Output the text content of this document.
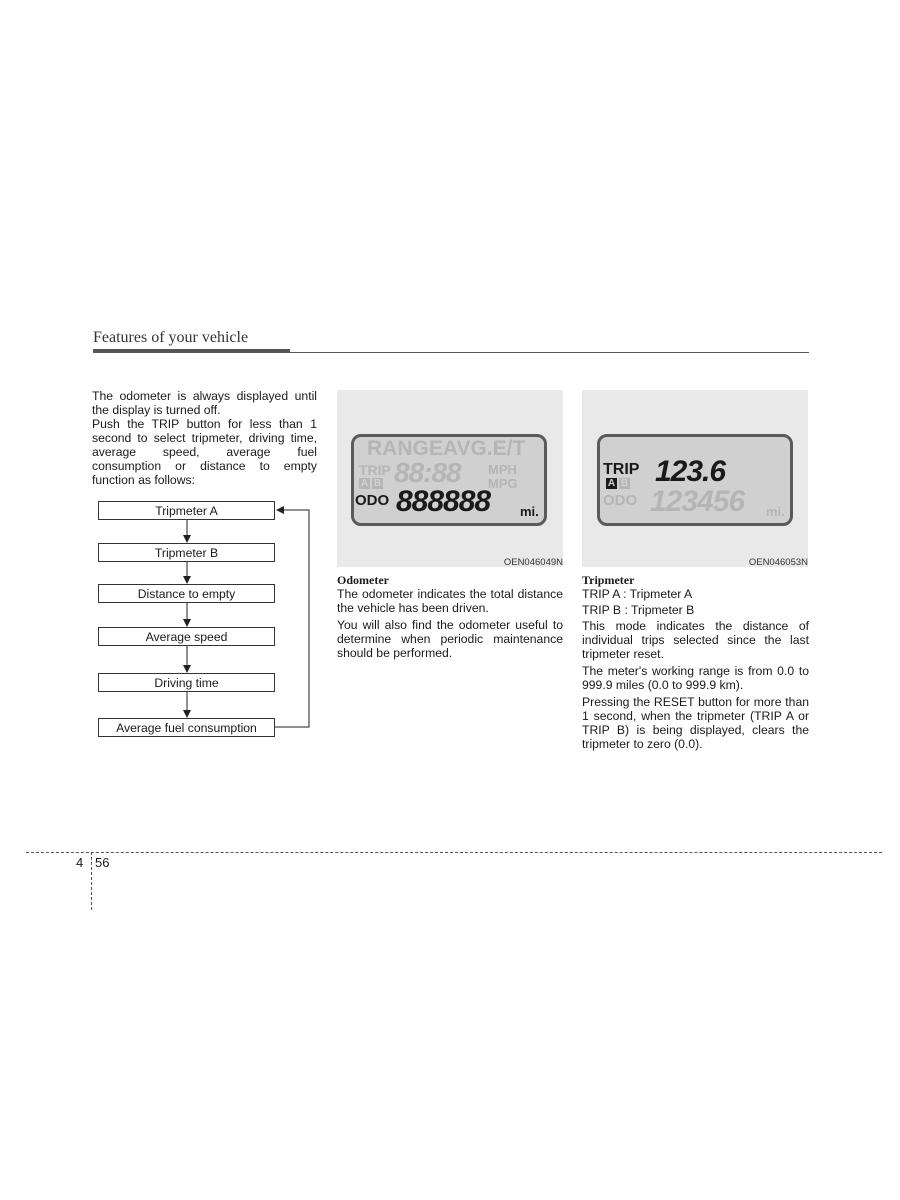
Features of your vehicle

The odometer is always displayed until the display is turned off.

Push the TRIP button for less than 1 second to select tripmeter, driving time, average speed, average fuel consumption or distance to empty function as follows:

Tripmeter A
Tripmeter B
Distance to empty
Average speed
Driving time
Average fuel consumption
RANGEAVG.E/T
TRIP
A B 88:88 MPH
MPG
ODO 888888 mi.
OEN046049N
TRIP
A B 123.6
ODO 123456 mi.
OEN046053N
Odometer

The odometer indicates the total distance the vehicle has been driven.

You will also find the odometer useful to determine when periodic maintenance should be performed.

Tripmeter

TRIP A : Tripmeter A

TRIP B : Tripmeter B

This mode indicates the distance of individual trips selected since the last tripmeter reset.

The meter's working range is from 0.0 to 999.9 miles (0.0 to 999.9 km).

Pressing the RESET button for more than 1 second, when the tripmeter (TRIP A or TRIP B) is being displayed, clears the tripmeter to zero (0.0).

4 56
